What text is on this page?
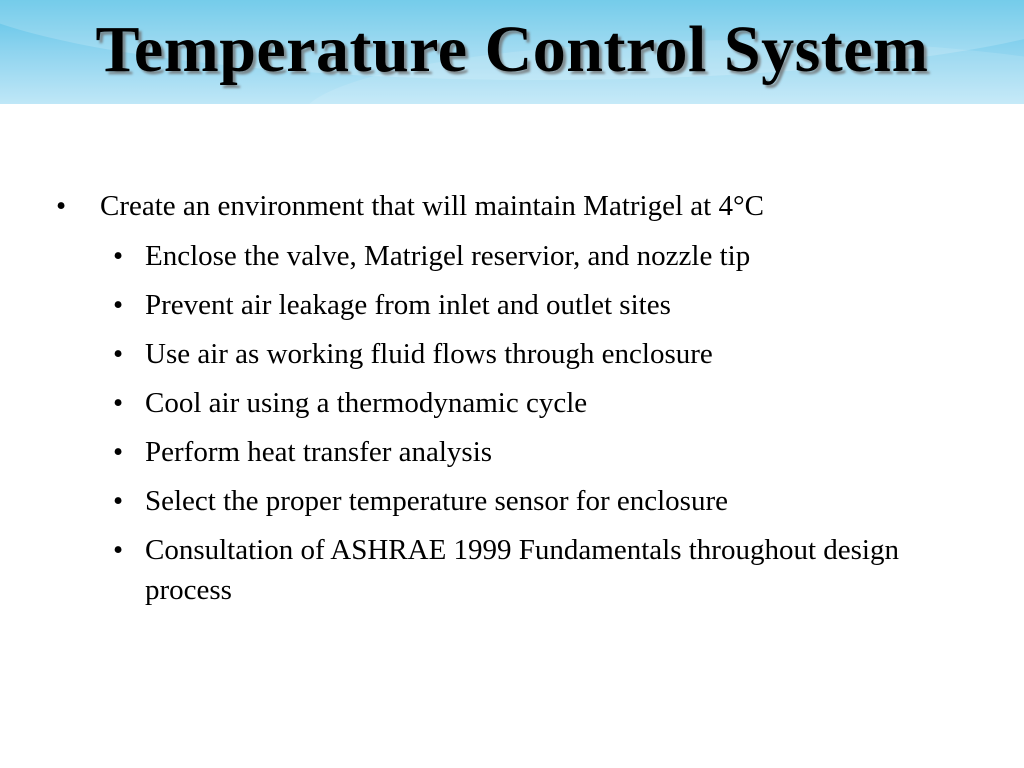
Temperature Control System
• Create an environment that will maintain Matrigel at 4°C
• Enclose the valve, Matrigel reservior, and nozzle tip
• Prevent air leakage from inlet and outlet sites
• Use air as working fluid flows through enclosure
• Cool air using a thermodynamic cycle
• Perform heat transfer analysis
• Select the proper temperature sensor for enclosure
• Consultation of ASHRAE 1999 Fundamentals throughout design process
